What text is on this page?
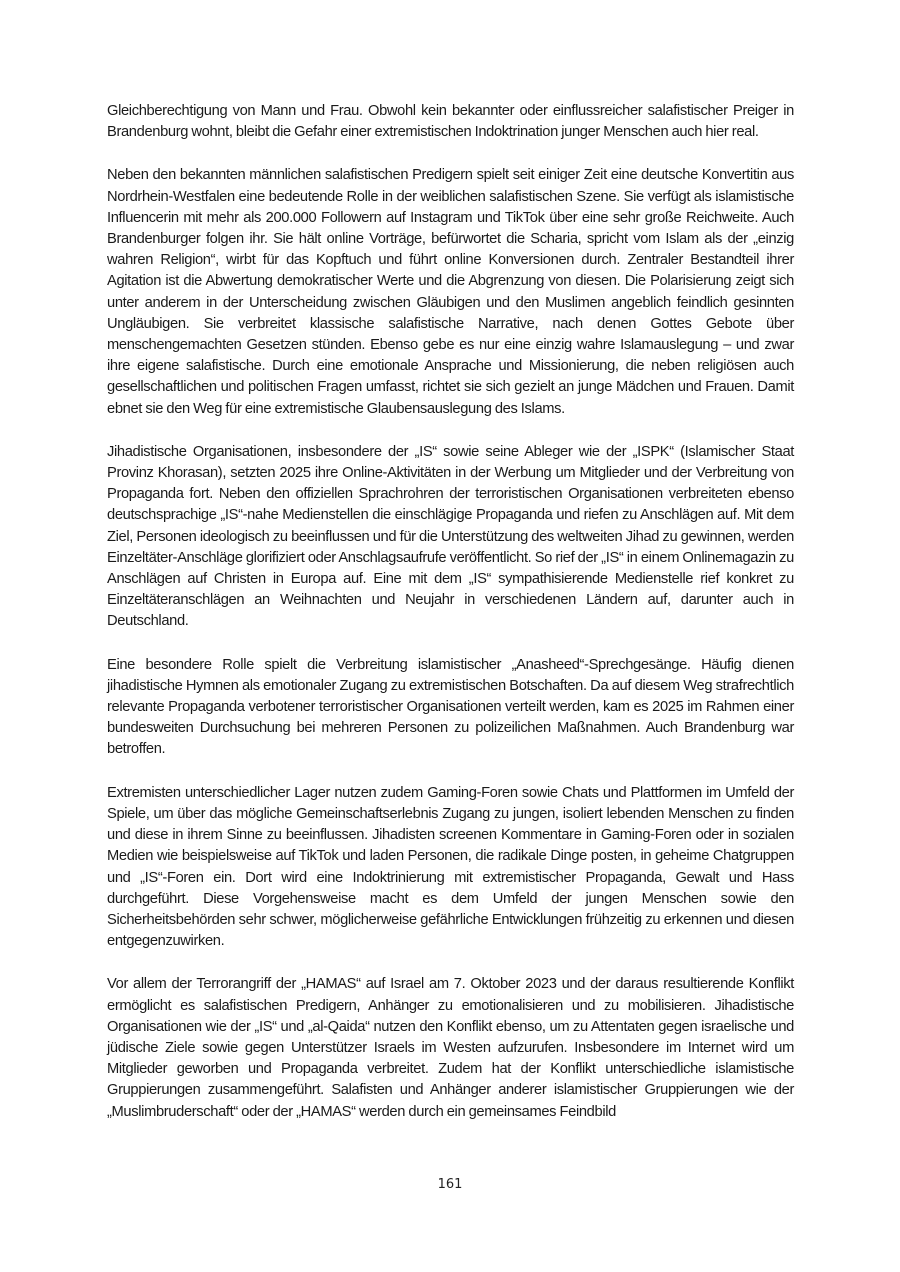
Gleichberechtigung von Mann und Frau. Obwohl kein bekannter oder einflussreicher salafistischer Preiger in Brandenburg wohnt, bleibt die Gefahr einer extremistischen Indoktrination junger Menschen auch hier real.

Neben den bekannten männlichen salafistischen Predigern spielt seit einiger Zeit eine deutsche Konvertitin aus Nordrhein-Westfalen eine bedeutende Rolle in der weiblichen salafistischen Szene. Sie verfügt als islamistische Influencerin mit mehr als 200.000 Followern auf Instagram und TikTok über eine sehr große Reichweite. Auch Brandenburger folgen ihr. Sie hält online Vorträge, befürwortet die Scharia, spricht vom Islam als der „einzig wahren Religion“, wirbt für das Kopftuch und führt online Konversionen durch. Zentraler Bestandteil ihrer Agitation ist die Abwertung demokratischer Werte und die Abgrenzung von diesen. Die Polarisierung zeigt sich unter anderem in der Unterscheidung zwischen Gläubigen und den Muslimen angeblich feindlich gesinnten Ungläubigen. Sie verbreitet klassische salafistische Narrative, nach denen Gottes Gebote über menschengemachten Gesetzen stünden. Ebenso gebe es nur eine einzig wahre Islamauslegung – und zwar ihre eigene salafistische. Durch eine emotionale Ansprache und Missionierung, die neben religiösen auch gesellschaftlichen und politischen Fragen umfasst, richtet sie sich gezielt an junge Mädchen und Frauen. Damit ebnet sie den Weg für eine extremistische Glaubensauslegung des Islams.

Jihadistische Organisationen, insbesondere der „IS“ sowie seine Ableger wie der „ISPK“ (Islamischer Staat Provinz Khorasan), setzten 2025 ihre Online-Aktivitäten in der Werbung um Mitglieder und der Verbreitung von Propaganda fort. Neben den offiziellen Sprachrohren der terroristischen Organisationen verbreiteten ebenso deutschsprachige „IS“-nahe Medienstellen die einschlägige Propaganda und riefen zu Anschlägen auf. Mit dem Ziel, Personen ideologisch zu beeinflussen und für die Unterstützung des weltweiten Jihad zu gewinnen, werden Einzeltäter-Anschläge glorifiziert oder Anschlagsaufrufe veröffentlicht. So rief der „IS“ in einem Onlinemagazin zu Anschlägen auf Christen in Europa auf. Eine mit dem „IS“ sympathisierende Medienstelle rief konkret zu Einzeltäteranschlägen an Weihnachten und Neujahr in verschiedenen Ländern auf, darunter auch in Deutschland.

Eine besondere Rolle spielt die Verbreitung islamistischer „Anasheed“-Sprechgesänge. Häufig dienen jihadistische Hymnen als emotionaler Zugang zu extremistischen Botschaften. Da auf diesem Weg strafrechtlich relevante Propaganda verbotener terroristischer Organisationen verteilt werden, kam es 2025 im Rahmen einer bundesweiten Durchsuchung bei mehreren Personen zu polizeilichen Maßnahmen. Auch Brandenburg war betroffen.

Extremisten unterschiedlicher Lager nutzen zudem Gaming-Foren sowie Chats und Plattformen im Umfeld der Spiele, um über das mögliche Gemeinschaftserlebnis Zugang zu jungen, isoliert lebenden Menschen zu finden und diese in ihrem Sinne zu beeinflussen. Jihadisten screenen Kommentare in Gaming-Foren oder in sozialen Medien wie beispielsweise auf TikTok und laden Personen, die radikale Dinge posten, in geheime Chatgruppen und „IS“-Foren ein. Dort wird eine Indoktrinierung mit extremistischer Propaganda, Gewalt und Hass durchgeführt. Diese Vorgehensweise macht es dem Umfeld der jungen Menschen sowie den Sicherheitsbehörden sehr schwer, möglicherweise gefährliche Entwicklungen frühzeitig zu erkennen und diesen entgegenzuwirken.

Vor allem der Terrorangriff der „HAMAS“ auf Israel am 7. Oktober 2023 und der daraus resultierende Konflikt ermöglicht es salafistischen Predigern, Anhänger zu emotionalisieren und zu mobilisieren. Jihadistische Organisationen wie der „IS“ und „al-Qaida“ nutzen den Konflikt ebenso, um zu Attentaten gegen israelische und jüdische Ziele sowie gegen Unterstützer Israels im Westen aufzurufen. Insbesondere im Internet wird um Mitglieder geworben und Propaganda verbreitet. Zudem hat der Konflikt unterschiedliche islamistische Gruppierungen zusammengeführt. Salafisten und Anhänger anderer islamistischer Gruppierungen wie der „Muslimbruderschaft“ oder der „HAMAS“ werden durch ein gemeinsames Feindbild

161
